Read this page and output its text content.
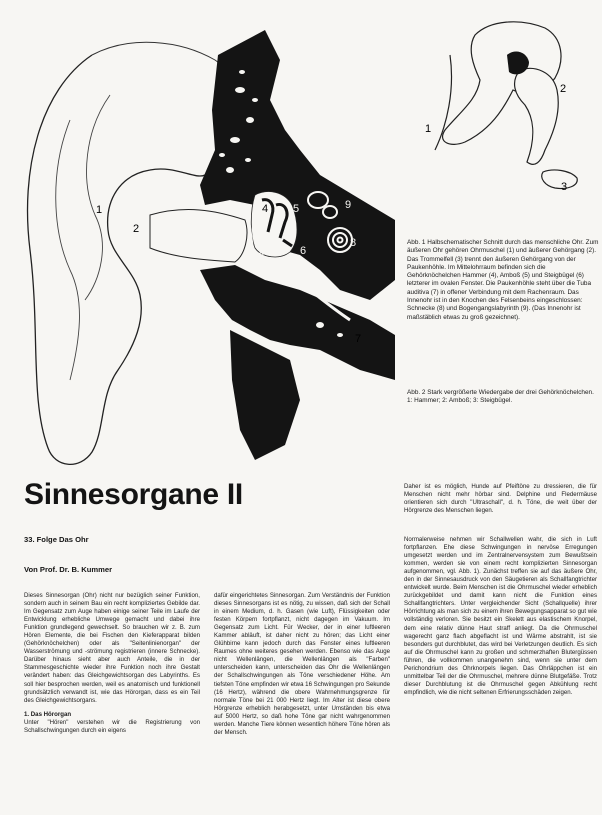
1
2
3
4 5
6
7
8
9
1
2
3
Abb. 1 Halbschematischer Schnitt durch das menschliche Ohr. Zum äußeren Ohr gehören Ohrmuschel (1) und äußerer Gehörgang (2). Das Trommelfell (3) trennt den äußeren Gehörgang von der Paukenhöhle. Im Mittelohrraum befinden sich die Gehörknöchelchen Hammer (4), Amboß (5) und Steigbügel (6) letzterer im ovalen Fenster. Die Paukenhöhle steht über die Tuba auditiva (7) in offener Verbindung mit dem Rachenraum. Das Innenohr ist in den Knochen des Felsenbeins eingeschlossen: Schnecke (8) und Bogengangslabyrinth (9). (Das Innenohr ist maßstäblich etwas zu groß gezeichnet).
Abb. 2 Stark vergrößerte Wiedergabe der drei Gehörknöchelchen. 1: Hammer; 2: Amboß; 3: Steigbügel.
Sinnesorgane II
33. Folge Das Ohr
Von Prof. Dr. B. Kummer

Dieses Sinnesorgan (Ohr) nicht nur bezüglich seiner Funktion, sondern auch in seinem Bau ein recht kompliziertes Gebilde dar. Im Gegensatz zum Auge haben einige seiner Teile im Laufe der Entwicklung erhebliche Umwege gemacht und dabei ihre Funktion grundlegend gewechselt. So brauchen wir z. B. zum Hören Elemente, die bei Fischen den Kieferapparat bilden (Gehörknöchelchen) oder als "Seitenlinienorgan" der Wasserströmung und -strömung registrieren (innere Schnecke). Darüber hinaus sieht aber auch Anteile, die in der Stammesgeschichte wieder ihre Funktion noch ihre Gestalt verändert haben: das Gleichgewichtsorgan des Labyrinths. Es soll hier besprochen werden, weil es anatomisch und funktionell grundsätzlich verwandt ist, wie das Hörorgan, dass es ein Teil des Gleichgewichtsorgans.

1. Das Hörorgan

Unter "Hören" verstehen wir die Registrierung von Schallschwingungen durch ein eigens

dafür eingerichtetes Sinnesorgan. Zum Verständnis der Funktion dieses Sinnesorgans ist es nötig, zu wissen, daß sich der Schall in einem Medium, d. h. Gasen (wie Luft), Flüssigkeiten oder festen Körpern fortpflanzt, nicht dagegen im Vakuum. Im Gegensatz zum Licht. Für Wecker, der in einer luftleeren Kammer abläuft, ist daher nicht zu hören; das Licht einer Glühbirne kann jedoch durch das Fenster eines luftleeren Raumes ohne weiteres gesehen werden. Ebenso wie das Auge nicht Wellenlängen, die Wellenlängen als "Farben" unterscheiden kann, unterscheiden das Ohr die Wellenlängen der Schallschwingungen als Töne verschiedener Höhe. Am tiefsten Töne empfinden wir etwa 16 Schwingungen pro Sekunde (16 Hertz), während die obere Wahrnehmungsgrenze für normale Töne bei 21 000 Hertz liegt. Im Alter ist diese obere Hörgrenze erheblich herabgesetzt, unter Umständen bis etwa auf 5000 Hertz, so daß hohe Töne gar nicht wahrgenommen werden. Manche Tiere können wesentlich höhere Töne hören als der Mensch.
Daher ist es möglich, Hunde auf Pfeiftöne zu dressieren, die für Menschen nicht mehr hörbar sind. Delphine und Fledermäuse orientieren sich durch "Ultraschall", d. h. Töne, die weit über der Hörgrenze des Menschen liegen.
Normalerweise nehmen wir Schallwellen wahr, die sich in Luft fortpflanzen. Ehe diese Schwingungen in nervöse Erregungen umgesetzt werden und im Zentralnervensystem zum Bewußtsein kommen, werden sie von einem recht komplizierten Sinnesorgan aufgenommen, vgl. Abb. 1). Zunächst treffen sie auf das äußere Ohr, den in der Sinnesausdruck von den Säugetieren als Schallfangtrichter entwickelt wurde. Beim Menschen ist die Ohrmuschel wieder erheblich zurückgebildet und damit kann nicht die Funktion eines Schallfangtrichters. Unter vergleichender Sicht (Schallquelle) ihrer Hörrichtung als man sich zu einem ihren Bewegungsapparat so gut wie vollständig verloren. Sie besitzt ein Skelett aus elastischem Knorpel, dem eine relativ dünne Haut straff anliegt. Da die Ohrmuschel wagerecht ganz flach abgeflacht ist und Wärme abstrahlt, ist sie besonders gut durchblutet, das wird bei Verletzungen deutlich. Es sich auf die Ohrmuschel kann zu großen und schmerzhaften Blutergüssen führen, die vollkommen unangenehm sind, wenn sie unter dem Perichondrium des Ohrknorpels liegen. Das Ohrläppchen ist ein unmittelbar Teil der die Ohrmuschel, mehrere dünne Blutgefäße. Trotz dieser Durchblutung ist die Ohrmuschel gegen Abkühlung recht empfindlich, wie die nicht seltenen Erfrierungsschäden zeigen.
